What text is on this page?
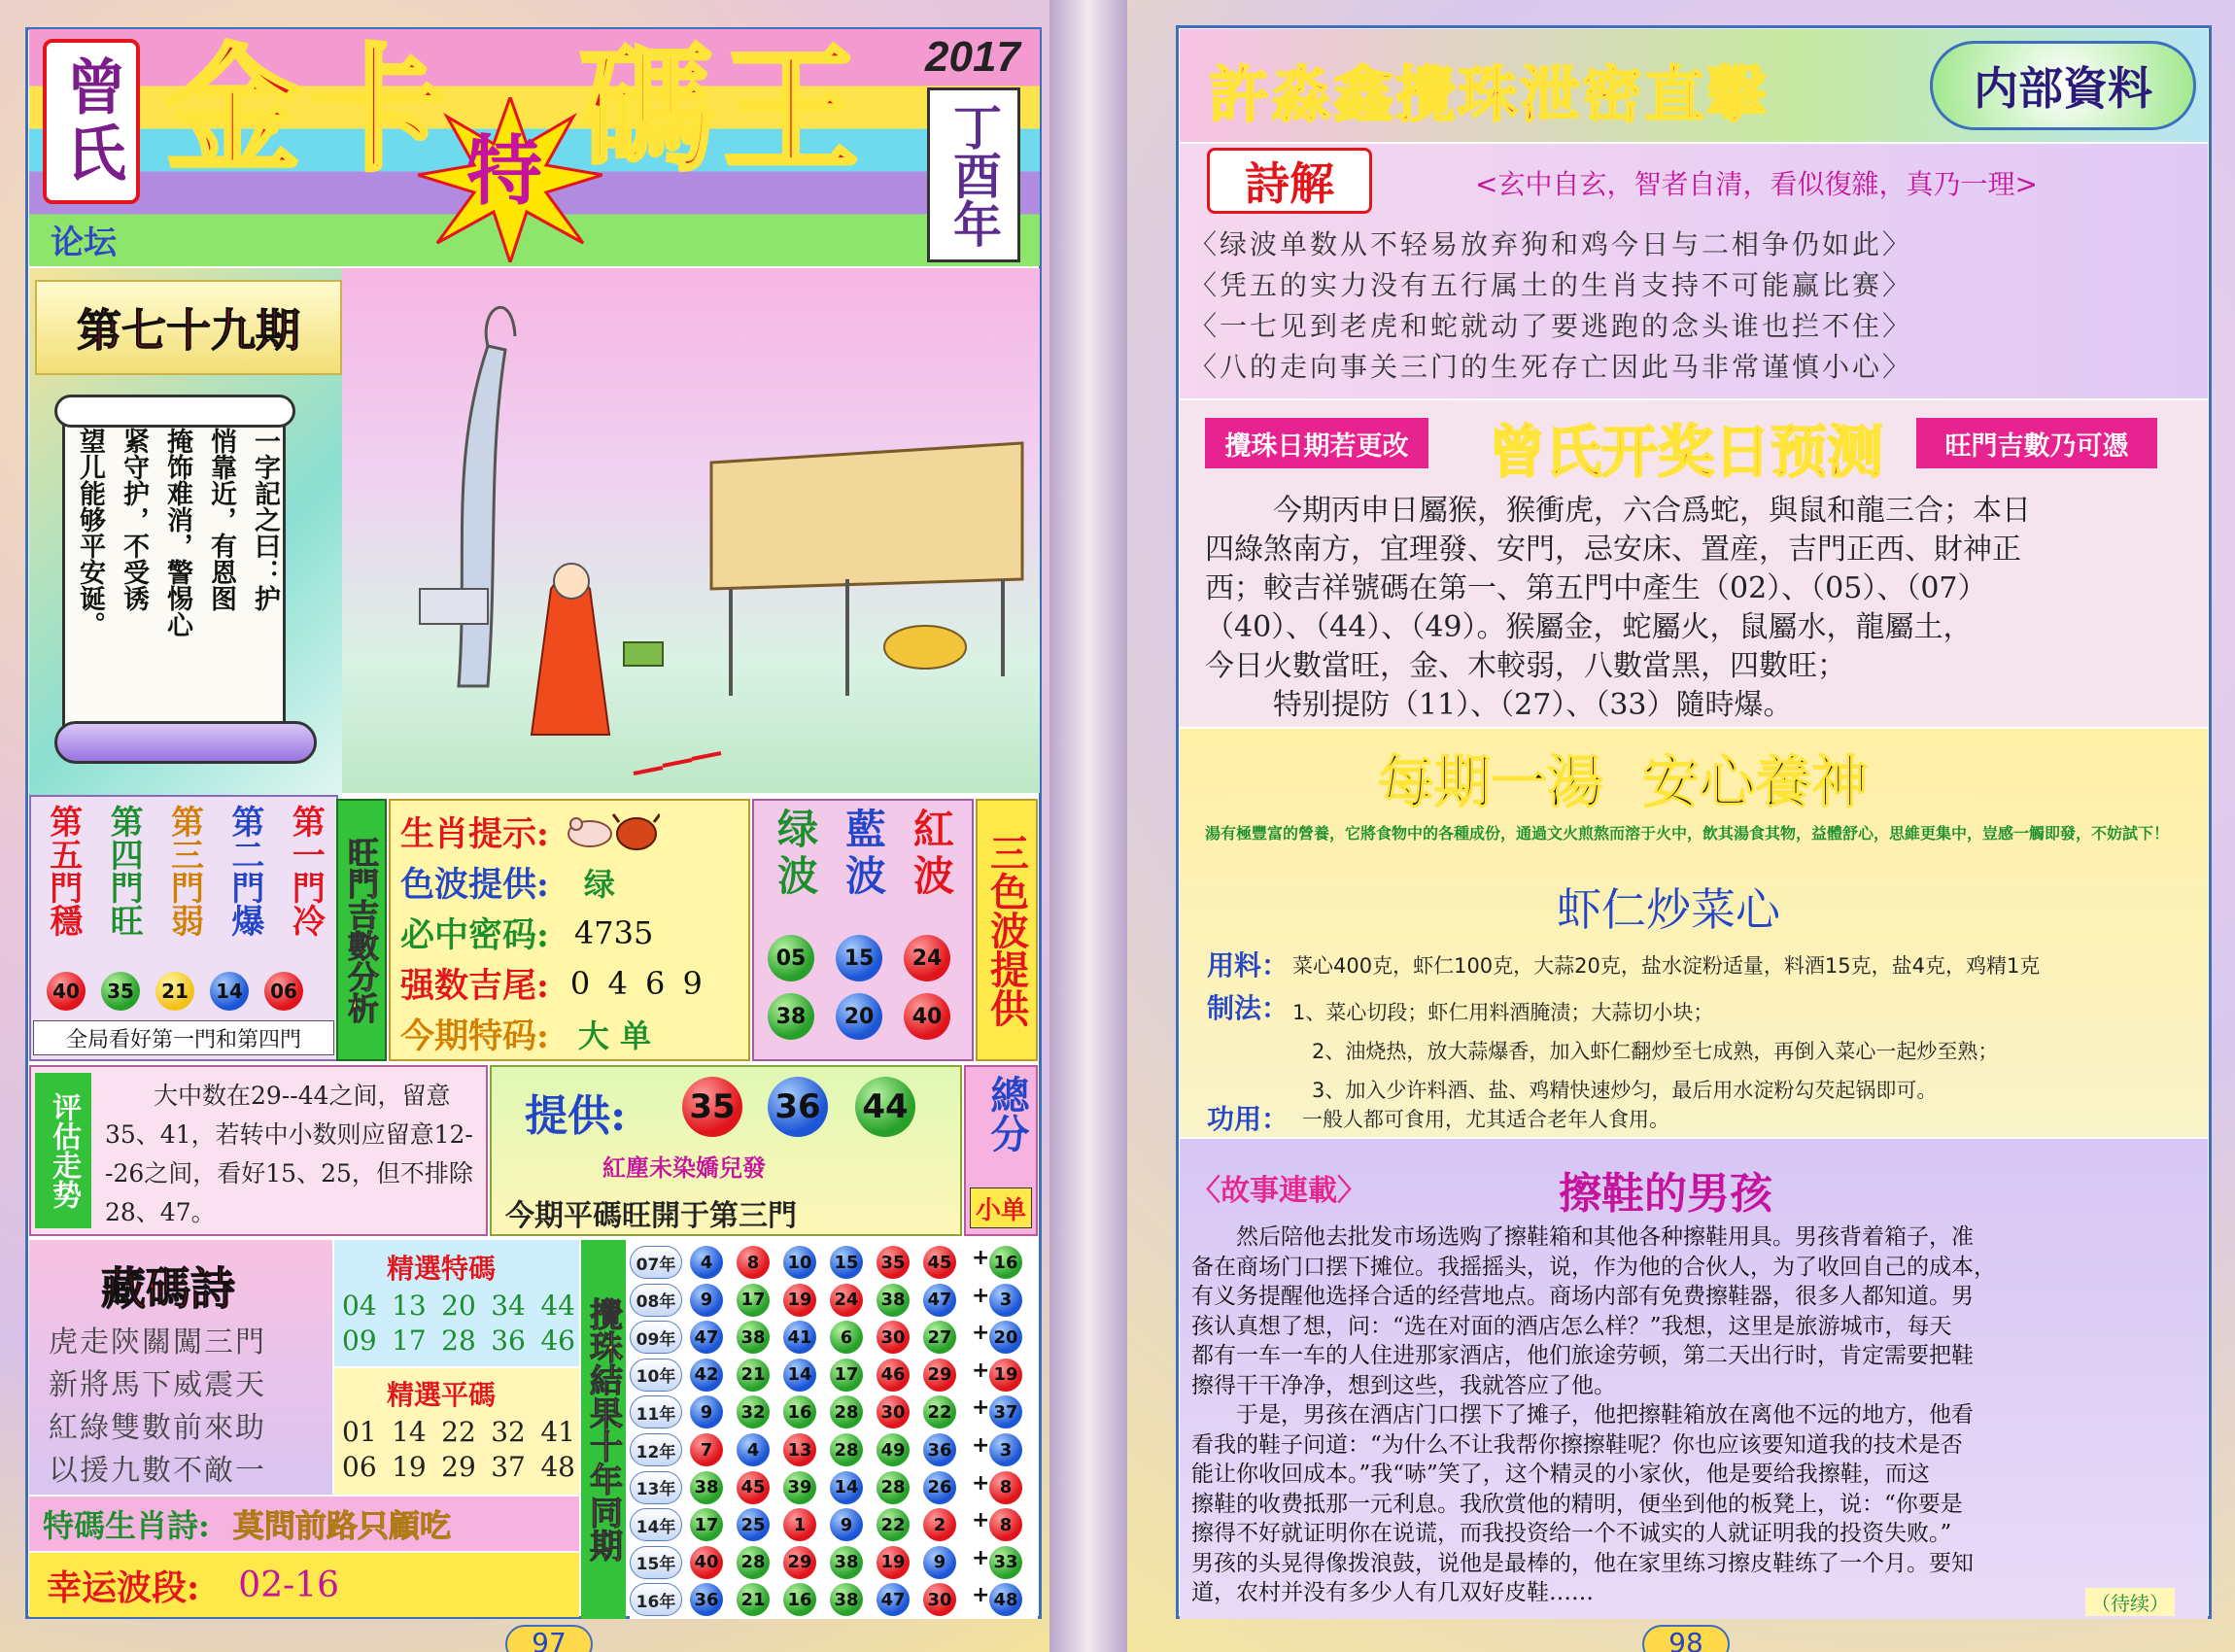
曾氏
论坛
金卡 碼王
特
2017
丁酉年
第七十九期
一字記之曰：护
悄靠近，有恩图
掩饰难消，警惕心
紧守护，不受诱
望儿能够平安诞。
第五門穩 第四門旺 第三門弱 第二門爆 第一門冷
40	35	21	14	06 旺門吉數分析
全局看好第一門和第四門
生肖提示:
色波提供: 绿
必中密码: 4735
强数吉尾: 0 4 6 9
今期特码: 大 单
绿波
藍波
紅波
05	15	24
38	20	40 三色波提供
评估走势	大中数在29--44之间，留意35、41，若转中小数则应留意12--26之间，看好15、25，但不排除28、47。
提供: 35 36 44
紅塵未染嬌兒發
今期平碼旺開于第三門
總分
小单
藏碼詩
虎走陝關闖三門
新將馬下威震天
紅綠雙數前來助
以援九數不敵一
精選特碼
04 13 20 34 44
09 17 28 36 46
精選平碼
01 14 22 32 41
06 19 29 37 48
特碼生肖詩: 莫問前路只顧吃
幸运波段: 02-16
攪珠結果十年同期
07年	4	8	10 15 35 45 + 16
08年	9	17 19 24 38 47 + 3
09年	47 38 41	6	30 27 + 20
10年	42 21 14 17 46 29 + 19
11年	9	32 16 28 30 22 + 37
12年	7	4	13 28 49 36 + 3
13年	38 45 39 14 28 26 + 8
14年	17 25	1	9	22	2	+ 8
15年	40 28 29 38 19	9	+ 33
16年	36 21 16 38 47 30 + 48
97
許淼鑫攪珠泄密直擊	内部資料
詩解	<玄中自玄，智者自清，看似復雜，真乃一理>
〈绿波单数从不轻易放弃狗和鸡今日与二相争仍如此〉
〈凭五的实力没有五行属土的生肖支持不可能赢比赛〉
〈一七见到老虎和蛇就动了要逃跑的念头谁也拦不住〉
〈八的走向事关三门的生死存亡因此马非常谨慎小心〉
攪珠日期若更改 曾氏开奖日预测 旺門吉數乃可憑
今期丙申日屬猴，猴衝虎，六合爲蛇，與鼠和龍三合；本日
四綠煞南方，宜理發、安門，忌安床、置産，吉門正西、財神正
西；較吉祥號碼在第一、第五門中產生（02）、（05）、（07）
（40）、（44）、（49）。猴屬金，蛇屬火，鼠屬水，龍屬土，
今日火數當旺，金、木較弱，八數當黑，四數旺；
特别提防（11）、（27）、（33）隨時爆。
每期一湯  安心養神
湯有極豐富的營養，它將食物中的各種成份，通過文火煎熬而溶于火中，飲其湯食其物，益體舒心，思維更集中，豈感一觸即發，不妨試下！
虾仁炒菜心
用料： 菜心400克，虾仁100克，大蒜20克，盐水淀粉适量，料酒15克，盐4克，鸡精1克
制法： 1、菜心切段；虾仁用料酒腌渍；大蒜切小块；
2、油烧热，放大蒜爆香，加入虾仁翻炒至七成熟，再倒入菜心一起炒至熟；
3、加入少许料酒、盐、鸡精快速炒匀，最后用水淀粉勾芡起锅即可。
功用： 一般人都可食用，尤其适合老年人食用。
〈故事連載〉	擦鞋的男孩
然后陪他去批发市场选购了擦鞋箱和其他各种擦鞋用具。男孩背着箱子，准
备在商场门口摆下摊位。我摇摇头，说，作为他的合伙人，为了收回自己的成本，
有义务提醒他选择合适的经营地点。商场内部有免费擦鞋器，很多人都知道。男
孩认真想了想，问：“选在对面的酒店怎么样？”我想，这里是旅游城市，每天
都有一车一车的人住进那家酒店，他们旅途劳顿，第二天出行时，肯定需要把鞋
擦得干干净净，想到这些，我就答应了他。
于是，男孩在酒店门口摆下了摊子，他把擦鞋箱放在离他不远的地方，他看
看我的鞋子问道：“为什么不让我帮你擦擦鞋呢？你也应该要知道我的技术是否
能让你收回成本。”我“哧”笑了，这个精灵的小家伙，他是要给我擦鞋，而这
擦鞋的收费抵那一元利息。我欣赏他的精明，便坐到他的板凳上，说：“你要是
擦得不好就证明你在说谎，而我投资给一个不诚实的人就证明我的投资失败。”
男孩的头晃得像拨浪鼓，说他是最棒的，他在家里练习擦皮鞋练了一个月。要知
道，农村并没有多少人有几双好皮鞋……	（待续）
98
